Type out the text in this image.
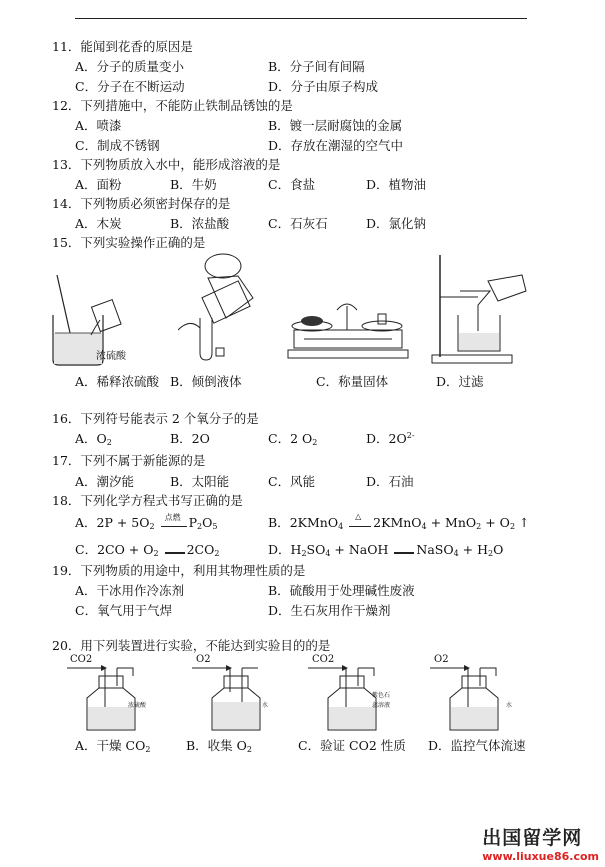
11．能闻到花香的原因是
A．分子的质量变小	B．分子间有间隔
C．分子在不断运动	D．分子由原子构成
12．下列措施中，不能防止铁制品锈蚀的是
A．喷漆	B．镀一层耐腐蚀的金属
C．制成不锈钢	D．存放在潮湿的空气中
13．下列物质放入水中，能形成溶液的是
A．面粉	B．牛奶	C．食盐	D．植物油
14．下列物质必须密封保存的是
A．木炭	B．浓盐酸	C．石灰石	D．氯化钠
15．下列实验操作正确的是
浓硫酸
A．稀释浓硫酸 B．倾倒液体	C．称量固体	D．过滤
16．下列符号能表示 2 个氧分子的是
A．$O_2$	B．2O	C．2 $O_2$	D．$2O^{2-}$
17．下列不属于新能源的是
A．潮汐能	B．太阳能	C．风能	D．石油
18．下列化学方程式书写正确的是
A．$2P + 5O_2$
点燃 $P_2O_5$	B．2KMnO$_4$
△ 2KMnO$_4$ + $MnO_2 + O_2$ ↑
C．$2CO + O_2$ $2CO_2$	D．$H_2SO_4$ + NaOH NaSO$_4$ + $H_2O$
19．下列物质的用途中，利用其物理性质的是
A．干冰用作冷冻剂	B．硫酸用于处理碱性废液
C．氧气用于气焊	D．生石灰用作干燥剂
20．用下列装置进行实验，不能达到实验目的的是
CO2
浓硫酸
O2
水
CO2
紫色石
蕊溶液
O2
水
A．干燥 $CO_2$	B．收集 $O_2$	C．验证 CO2 性质 D．监控气体流速
出国留学网
www.liuxue86.com
